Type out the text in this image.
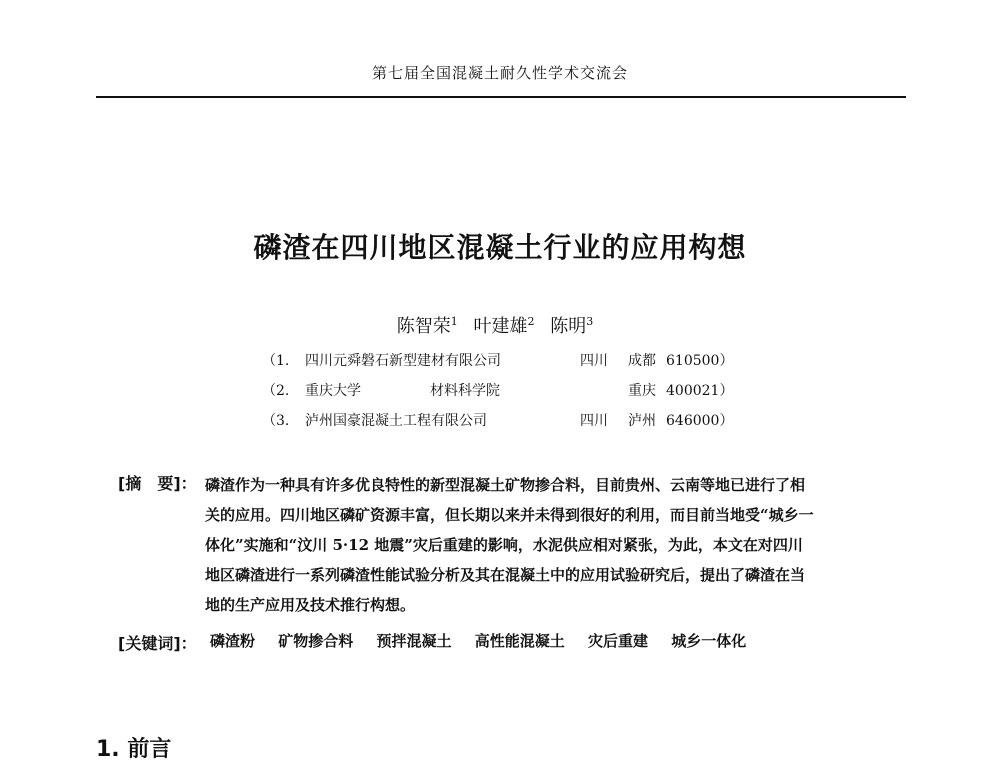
第七届全国混凝土耐久性学术交流会
磷渣在四川地区混凝土行业的应用构想
陈智荣$^1$ 叶建雄$^2$ 陈明$^3$
（1. 四川元舜磐石新型建材有限公司	四川 成都 610500）
（2. 重庆大学	材料科学院	重庆 400021）
（3. 泸州国豪混凝土工程有限公司	四川 泸州 646000）
[摘　要]： 磷渣作为一种具有许多优良特性的新型混凝土矿物掺合料，目前贵州、云南等地已进行了相
关的应用。四川地区磷矿资源丰富，但长期以来并未得到很好的利用，而目前当地受“城乡一
体化”实施和“汶川 5·12 地震”灾后重建的影响，水泥供应相对紧张，为此，本文在对四川
地区磷渣进行一系列磷渣性能试验分析及其在混凝土中的应用试验研究后，提出了磷渣在当
地的生产应用及技术推行构想。
[关键词]： 磷渣粉 矿物掺合料 预拌混凝土 高性能混凝土 灾后重建 城乡一体化
1. 前言
